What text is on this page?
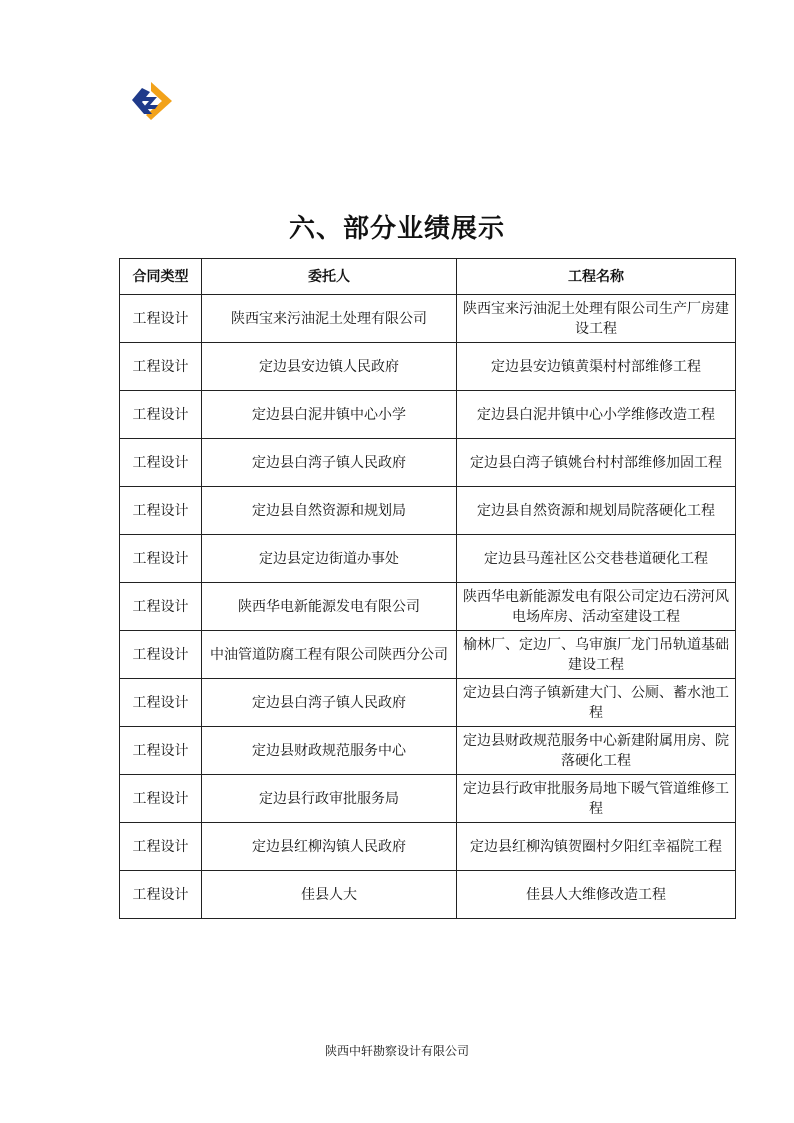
六、部分业绩展示
合同类型	委托人	工程名称
工程设计	陕西宝来污油泥土处理有限公司	陕西宝来污油泥土处理有限公司生产厂房建设工程
工程设计	定边县安边镇人民政府	定边县安边镇黄渠村村部维修工程
工程设计	定边县白泥井镇中心小学	定边县白泥井镇中心小学维修改造工程
工程设计	定边县白湾子镇人民政府	定边县白湾子镇姚台村村部维修加固工程
工程设计	定边县自然资源和规划局	定边县自然资源和规划局院落硬化工程
工程设计	定边县定边街道办事处	定边县马莲社区公交巷巷道硬化工程
工程设计	陕西华电新能源发电有限公司	陕西华电新能源发电有限公司定边石涝河风电场库房、活动室建设工程
工程设计	中油管道防腐工程有限公司陕西分公司	榆林厂、定边厂、乌审旗厂龙门吊轨道基础建设工程
工程设计	定边县白湾子镇人民政府	定边县白湾子镇新建大门、公厕、蓄水池工程
工程设计	定边县财政规范服务中心	定边县财政规范服务中心新建附属用房、院落硬化工程
工程设计	定边县行政审批服务局	定边县行政审批服务局地下暖气管道维修工程
工程设计	定边县红柳沟镇人民政府	定边县红柳沟镇贺圈村夕阳红幸福院工程
工程设计	佳县人大	佳县人大维修改造工程
陕西中轩勘察设计有限公司
